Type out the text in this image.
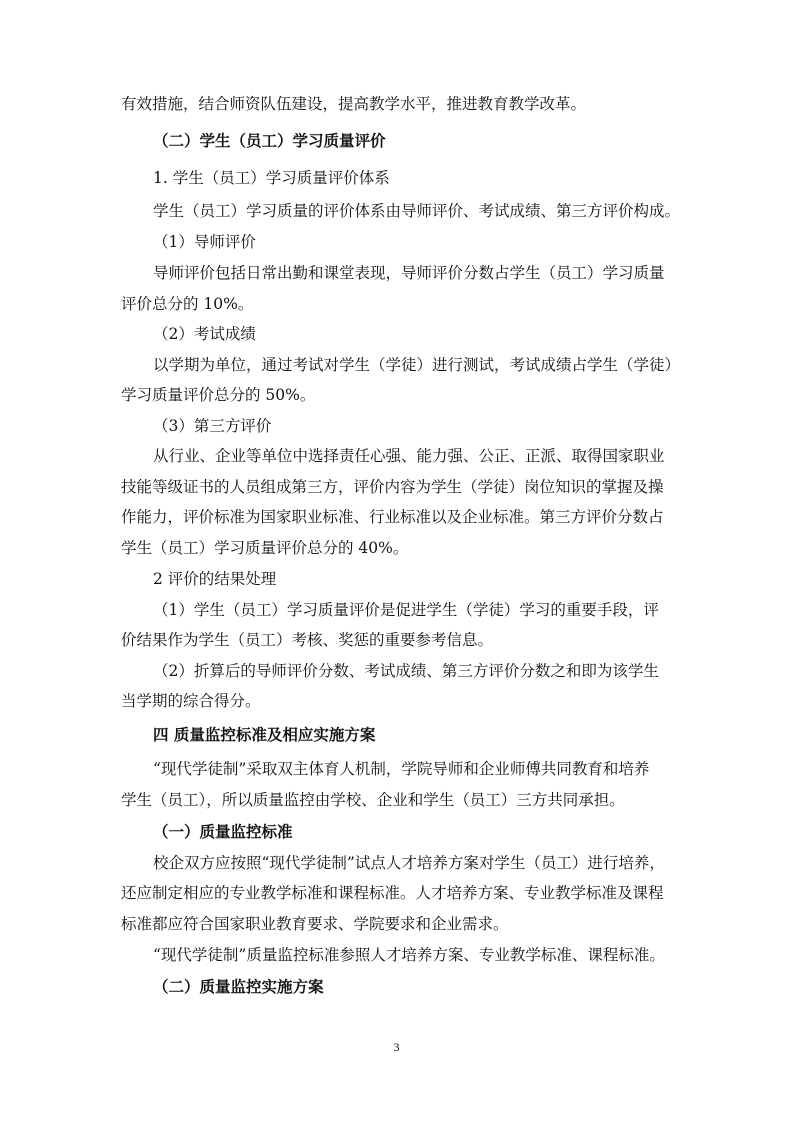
有效措施，结合师资队伍建设，提高教学水平，推进教育教学改革。
（二）学生（员工）学习质量评价
1. 学生（员工）学习质量评价体系
学生（员工）学习质量的评价体系由导师评价、考试成绩、第三方评价构成。
（1）导师评价
导师评价包括日常出勤和课堂表现，导师评价分数占学生（员工）学习质量
评价总分的 10%。
（2）考试成绩
以学期为单位，通过考试对学生（学徒）进行测试，考试成绩占学生（学徒）
学习质量评价总分的 50%。
（3）第三方评价
从行业、企业等单位中选择责任心强、能力强、公正、正派、取得国家职业
技能等级证书的人员组成第三方，评价内容为学生（学徒）岗位知识的掌握及操
作能力，评价标准为国家职业标准、行业标准以及企业标准。第三方评价分数占
学生（员工）学习质量评价总分的 40%。
2 评价的结果处理
（1）学生（员工）学习质量评价是促进学生（学徒）学习的重要手段，评
价结果作为学生（员工）考核、奖惩的重要参考信息。
（2）折算后的导师评价分数、考试成绩、第三方评价分数之和即为该学生
当学期的综合得分。
四 质量监控标准及相应实施方案
“现代学徒制”采取双主体育人机制，学院导师和企业师傅共同教育和培养
学生（员工），所以质量监控由学校、企业和学生（员工）三方共同承担。
（一）质量监控标准
校企双方应按照“现代学徒制”试点人才培养方案对学生（员工）进行培养，
还应制定相应的专业教学标准和课程标准。人才培养方案、专业教学标准及课程
标准都应符合国家职业教育要求、学院要求和企业需求。
“现代学徒制”质量监控标准参照人才培养方案、专业教学标准、课程标准。
（二）质量监控实施方案
3
